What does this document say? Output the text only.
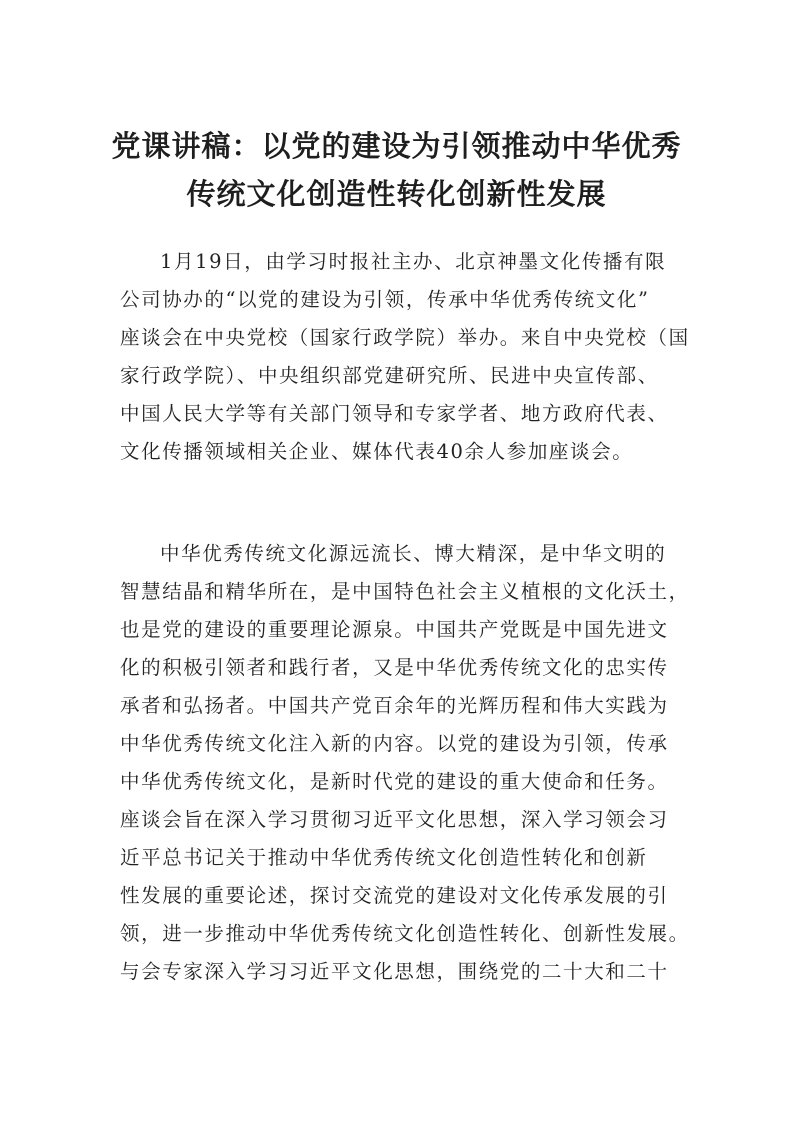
党课讲稿：以党的建设为引领推动中华优秀
传统文化创造性转化创新性发展
1月19日，由学习时报社主办、北京神墨文化传播有限
公司协办的“以党的建设为引领，传承中华优秀传统文化”
座谈会在中央党校（国家行政学院）举办。来自中央党校（国
家行政学院）、中央组织部党建研究所、民进中央宣传部、
中国人民大学等有关部门领导和专家学者、地方政府代表、
文化传播领域相关企业、媒体代表40余人参加座谈会。
中华优秀传统文化源远流长、博大精深，是中华文明的
智慧结晶和精华所在，是中国特色社会主义植根的文化沃土，
也是党的建设的重要理论源泉。中国共产党既是中国先进文
化的积极引领者和践行者，又是中华优秀传统文化的忠实传
承者和弘扬者。中国共产党百余年的光辉历程和伟大实践为
中华优秀传统文化注入新的内容。以党的建设为引领，传承
中华优秀传统文化，是新时代党的建设的重大使命和任务。
座谈会旨在深入学习贯彻习近平文化思想，深入学习领会习
近平总书记关于推动中华优秀传统文化创造性转化和创新
性发展的重要论述，探讨交流党的建设对文化传承发展的引
领，进一步推动中华优秀传统文化创造性转化、创新性发展。
与会专家深入学习习近平文化思想，围绕党的二十大和二十
